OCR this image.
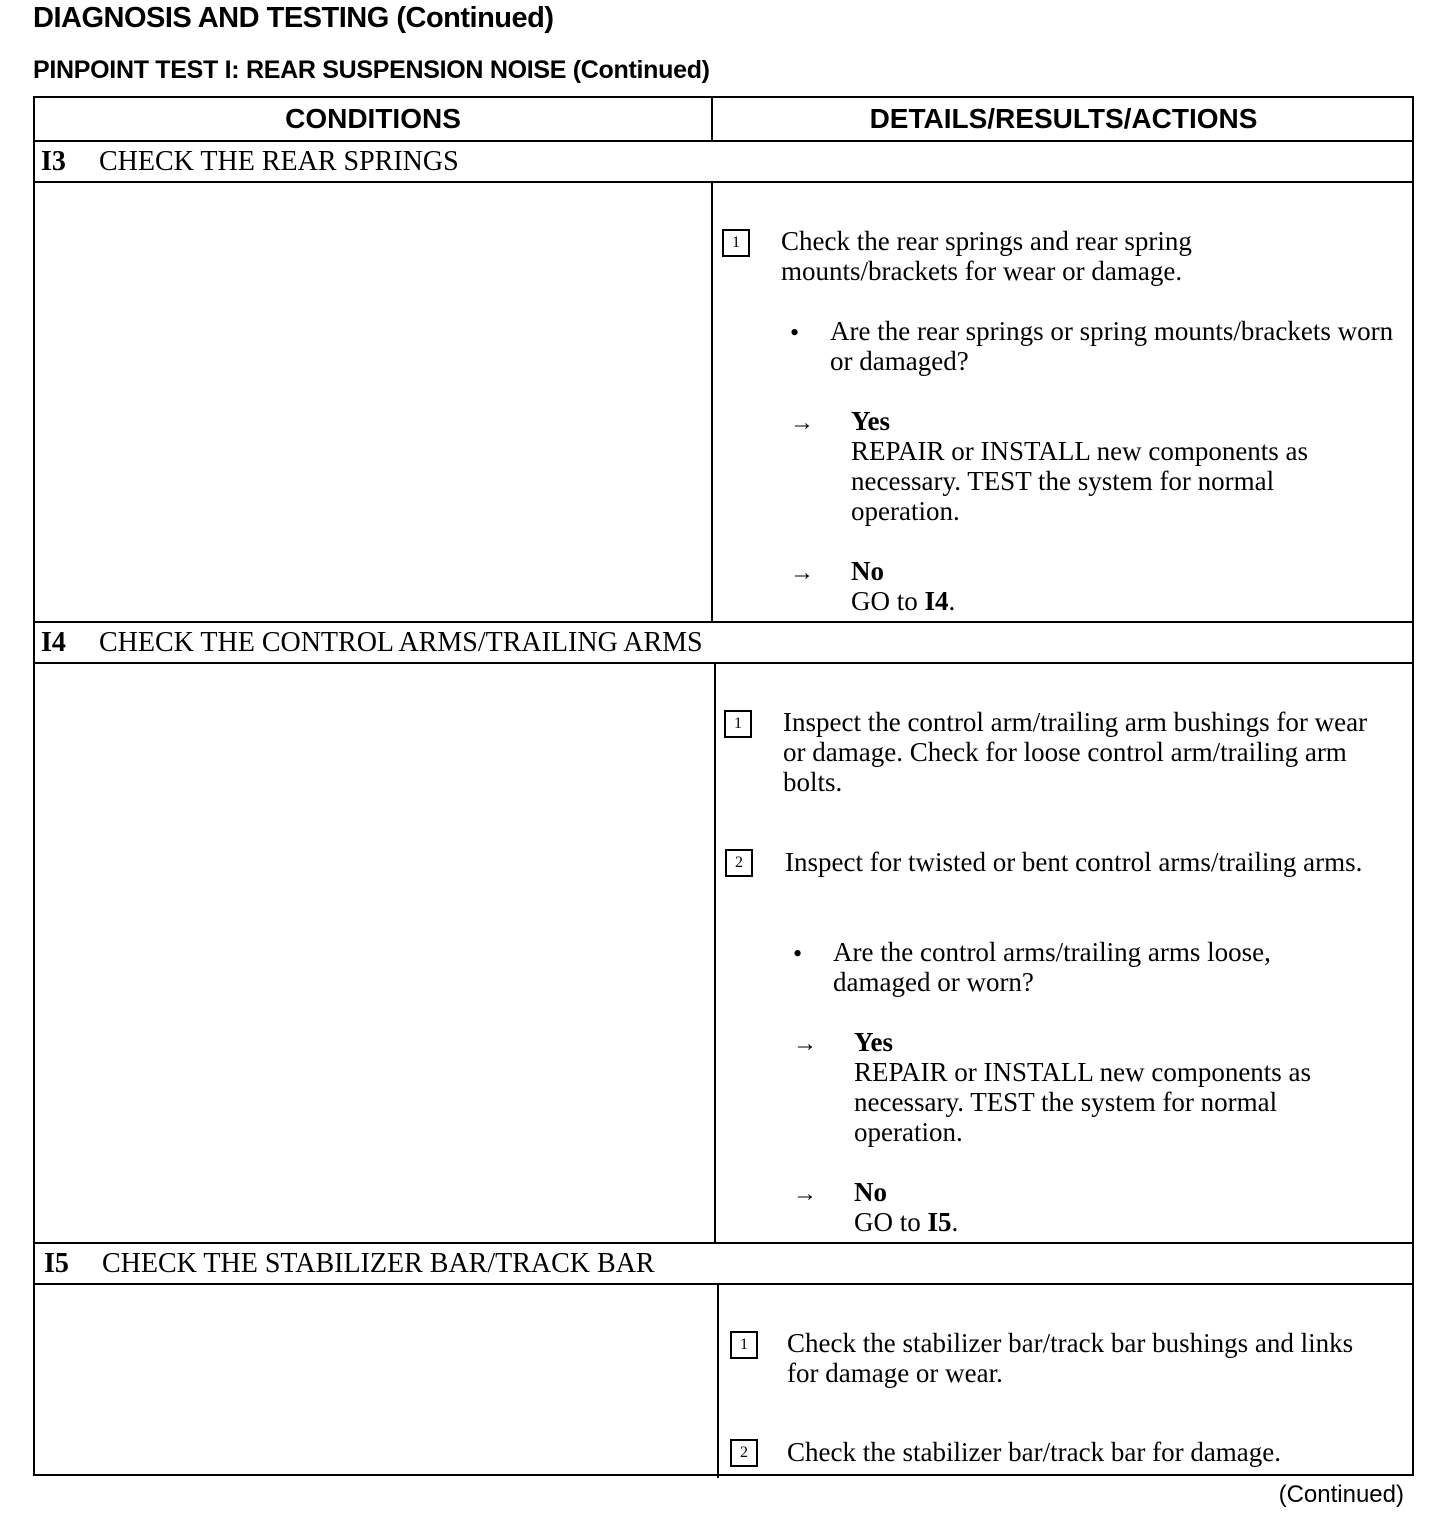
DIAGNOSIS AND TESTING (Continued)
PINPOINT TEST I: REAR SUSPENSION NOISE (Continued)
CONDITIONS	DETAILS/RESULTS/ACTIONS
I3 CHECK THE REAR SPRINGS
1	Check the rear springs and rear spring mounts/brackets for wear or damage.
• Are the rear springs or spring mounts/brackets worn or damaged?
→ Yes
REPAIR or INSTALL new components as necessary. TEST the system for normal operation.
→ No
GO to I4.
I4 CHECK THE CONTROL ARMS/TRAILING ARMS
1	Inspect the control arm/trailing arm bushings for wear or damage. Check for loose control arm/trailing arm bolts.
2	Inspect for twisted or bent control arms/trailing arms.
• Are the control arms/trailing arms loose, damaged or worn?
→ Yes
REPAIR or INSTALL new components as necessary. TEST the system for normal operation.
→ No
GO to I5.
I5 CHECK THE STABILIZER BAR/TRACK BAR
1	Check the stabilizer bar/track bar bushings and links for damage or wear.
2	Check the stabilizer bar/track bar for damage.
(Continued)
